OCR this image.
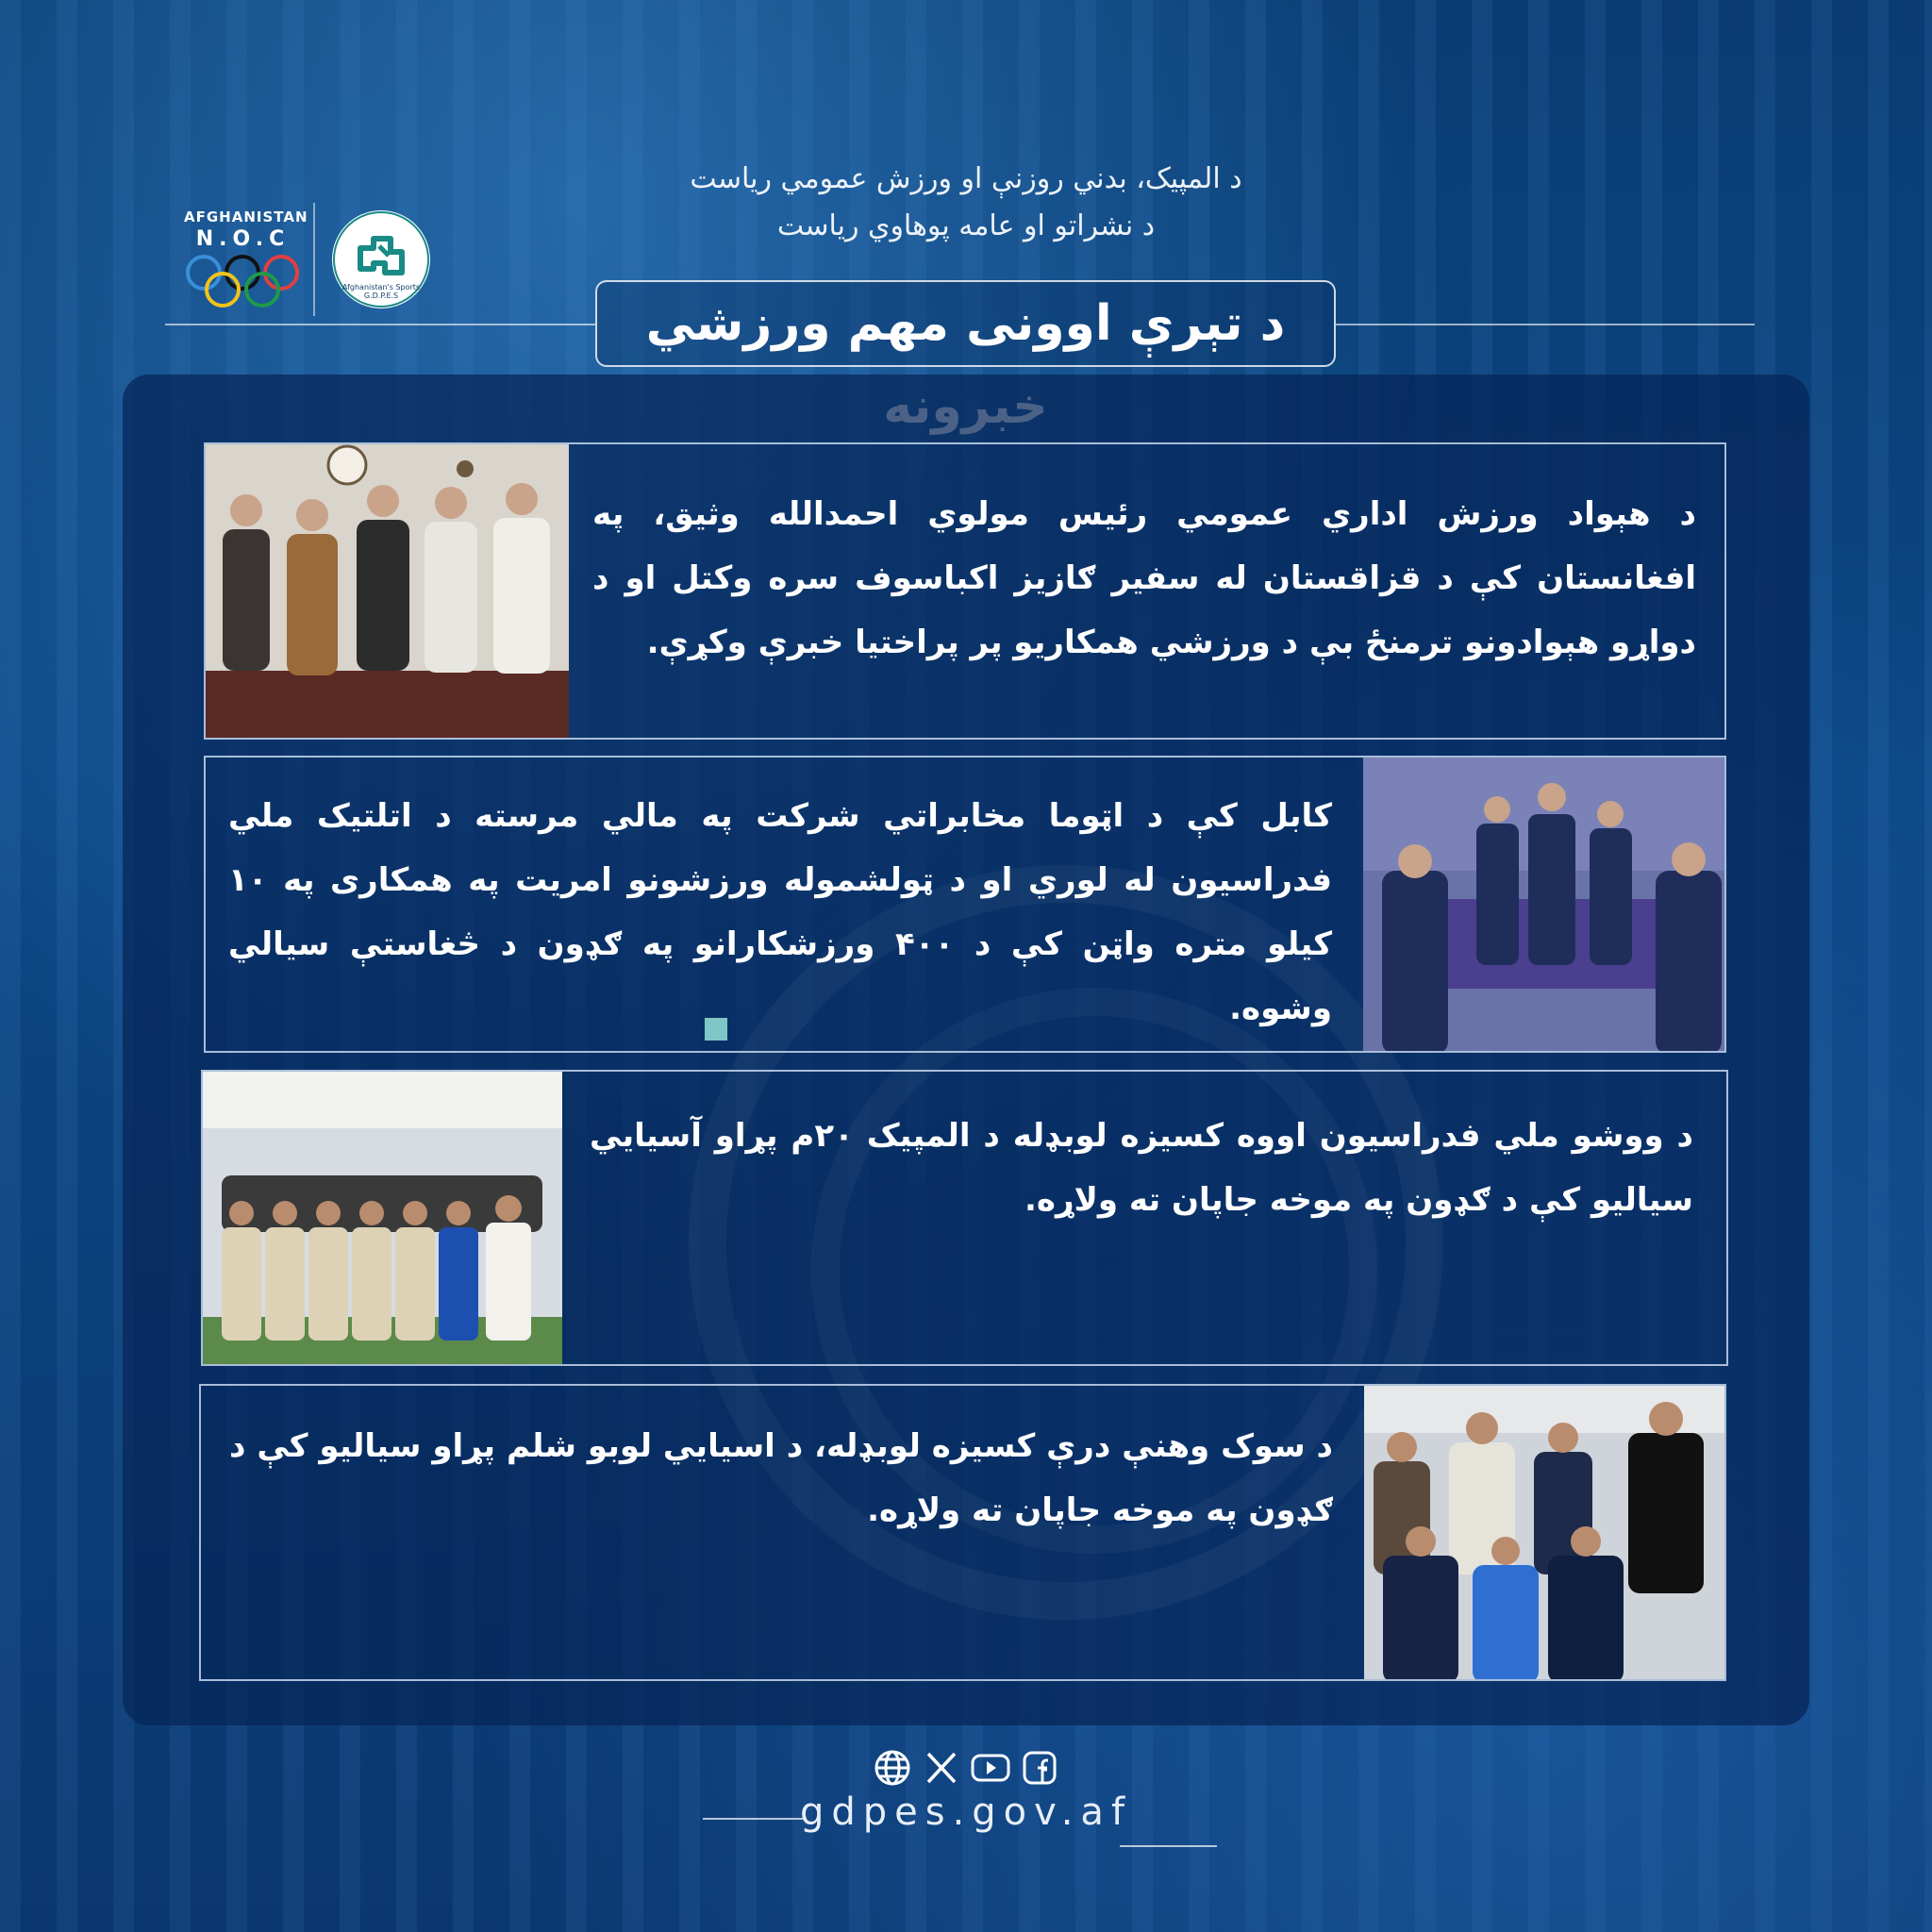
د المپیک، بدني روزنې او ورزش عمومي رياست
د نشراتو او عامه پوهاوي رياست
AFGHANISTAN
N.O.C
Afghanistan's Sports
G.D.P.E.S	د تېرې اوونی مهم ورزشي
د هېواد ورزش اداري عمومي رئيس مولوي احمدالله وثيق، په افغانستان کې د قزاقستان له سفیر ګازيز اکباسوف سره وکتل او د دواړو هېوادونو ترمنځ بې د ورزشي همکاريو پر پراختيا خبرې وکړې.
کابل کې د اټوما مخابراتي شرکت په مالي مرسته د اتلتيک ملي فدراسيون له لوري او د ټولشموله ورزشونو امريت په همکاری په ۱۰ کيلو متره واټن کې د ۴۰۰ ورزشکارانو په ګډون د څغاستې سيالي وشوه.
د ووشو ملي فدراسیون اووه کسیزه لوبډله د المپیک ۲۰م پړاو آسيايي سيالیو کې د ګډون په موخه جاپان ته ولاړه.
د سوک وهنې درې کسيزه لوبډله، د اسيايي لوبو شلم پړاو سيالیو کې د ګډون په موخه جاپان ته ولاړه.
gdpes.gov.af
